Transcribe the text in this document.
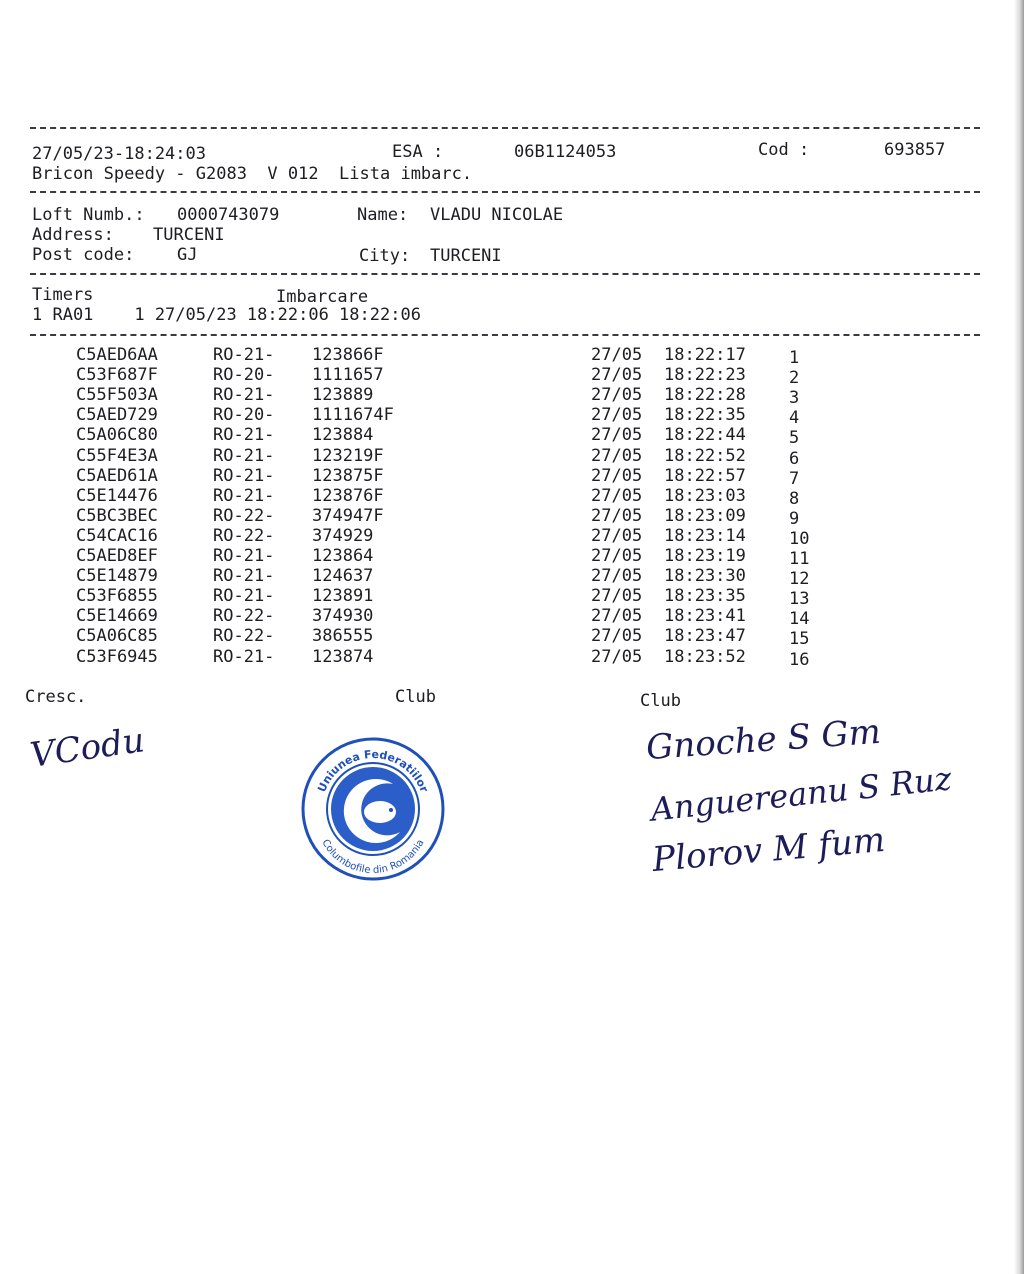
27/05/23-18:24:03	ESA :	06B1124053	Cod :	693857
Bricon Speedy - G2083  V 012  Lista imbarc.
Loft Numb.: 0000743079	Name: VLADU NICOLAE
Address: TURCENI
Post code:	GJ	City: TURCENI
Timers	Imbarcare
1 RA01    1 27/05/23 18:22:06 18:22:06
C5AED6AA	RO-21- 123866F	27/05 18:22:17	1
C53F687F	RO-20- 1111657	27/05 18:22:23	2
C55F503A	RO-21- 123889	27/05 18:22:28	3
C5AED729	RO-20- 1111674F	27/05 18:22:35	4
C5A06C80	RO-21- 123884	27/05 18:22:44	5
C55F4E3A	RO-21- 123219F	27/05 18:22:52	6
C5AED61A	RO-21- 123875F	27/05 18:22:57	7
C5E14476	RO-21- 123876F	27/05 18:23:03	8
C5BC3BEC	RO-22- 374947F	27/05 18:23:09	9
C54CAC16	RO-22- 374929	27/05 18:23:14	10
C5AED8EF	RO-21- 123864	27/05 18:23:19	11
C5E14879	RO-21- 124637	27/05 18:23:30	12
C53F6855	RO-21- 123891	27/05 18:23:35	13
C5E14669	RO-22- 374930	27/05 18:23:41	14
C5A06C85	RO-22- 386555	27/05 18:23:47	15
C53F6945	RO-21- 123874	27/05 18:23:52	16
Cresc.	Club	Club
Uniunea Federatiilor
Columbofile din Romania
VCodu	Gnoche S Gm
Anguereanu S Ruz
Plorov M fum
